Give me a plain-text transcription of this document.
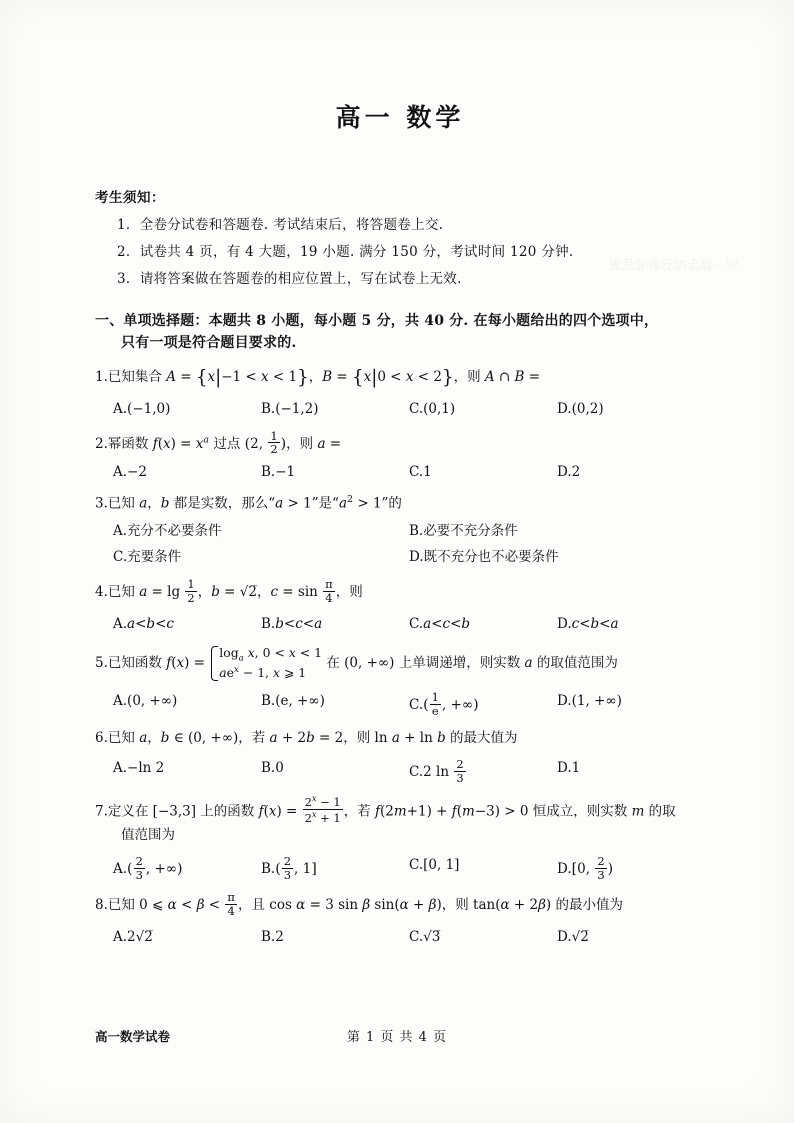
高一数学试卷参考答案
高一 数学
考生须知：
1．全卷分试卷和答题卷. 考试结束后，将答题卷上交.
2．试卷共 4 页，有 4 大题，19 小题. 满分 150 分，考试时间 120 分钟.
3．请将答案做在答题卷的相应位置上，写在试卷上无效.
一、单项选择题：本题共 8 小题，每小题 5 分，共 40 分. 在每小题给出的四个选项中，
只有一项是符合题目要求的.
1.已知集合 A = {x|−1 < x < 1}，B = {x|0 < x < 2}，则 A ∩ B =
A.(−1,0)	B.(−1,2)	C.(0,1)	D.(0,2)
2.幂函数 $f(x) = x^a$ 过点 (2, $\frac{1}{2}$ )，则 a =
A.−2	B.−1	C.1	D.2
3.已知 a，b 都是实数，那么“a > 1”是“$a^2 > 1$”的
A.充分不必要条件	B.必要不充分条件
C.充要条件	D.既不充分也不必要条件
4.已知 $a = \lg \frac{1}{2}$ ，b = √2̅，$c = \sin \frac{\pi}{4}$ ，则
A.a<b<c	B.b<c<a	C.a<c<b	D.c<b<a
5.已知函数 $f(x) = \log_a x$, 0 < x < 1
$ae^x - 1$, x ⩾ 1 在 (0, +∞) 上单调递增，则实数 a 的取值范围为
A.(0, +∞)	B.(e, +∞)	$C.( \frac{1}{e}$ , +∞)	D.(1, +∞)
6.已知 a，b ∈ (0, +∞)，若 a + 2b = 2，则 ln a + ln b 的最大值为
A.−ln 2	B.0	C.2 $\ln \frac{2}{3}$	D.1
7.定义在 [−3,3] 上的函数 $f(x) = \frac{2^x - 1}{2^x + 1}$ ，若 f(2m+1) + f(m−3) > 0 恒成立，则实数 m 的取
值范围为
$A.( \frac{2}{3}$ , +∞)	$B.( \frac{2}{3}$ , 1]	C.[0, 1]	D.[0, $\frac{2}{3}$ )
8.已知 0 ⩽ $\alpha < \beta < \frac{\pi}{4}$ ，且 cos α = 3 sin β sin(α + β)，则 tan(α + 2β) 的最小值为
A.2√2̅	B.2	C.√3̅	D.√2̅
高一数学试卷	第 1 页 共 4 页
